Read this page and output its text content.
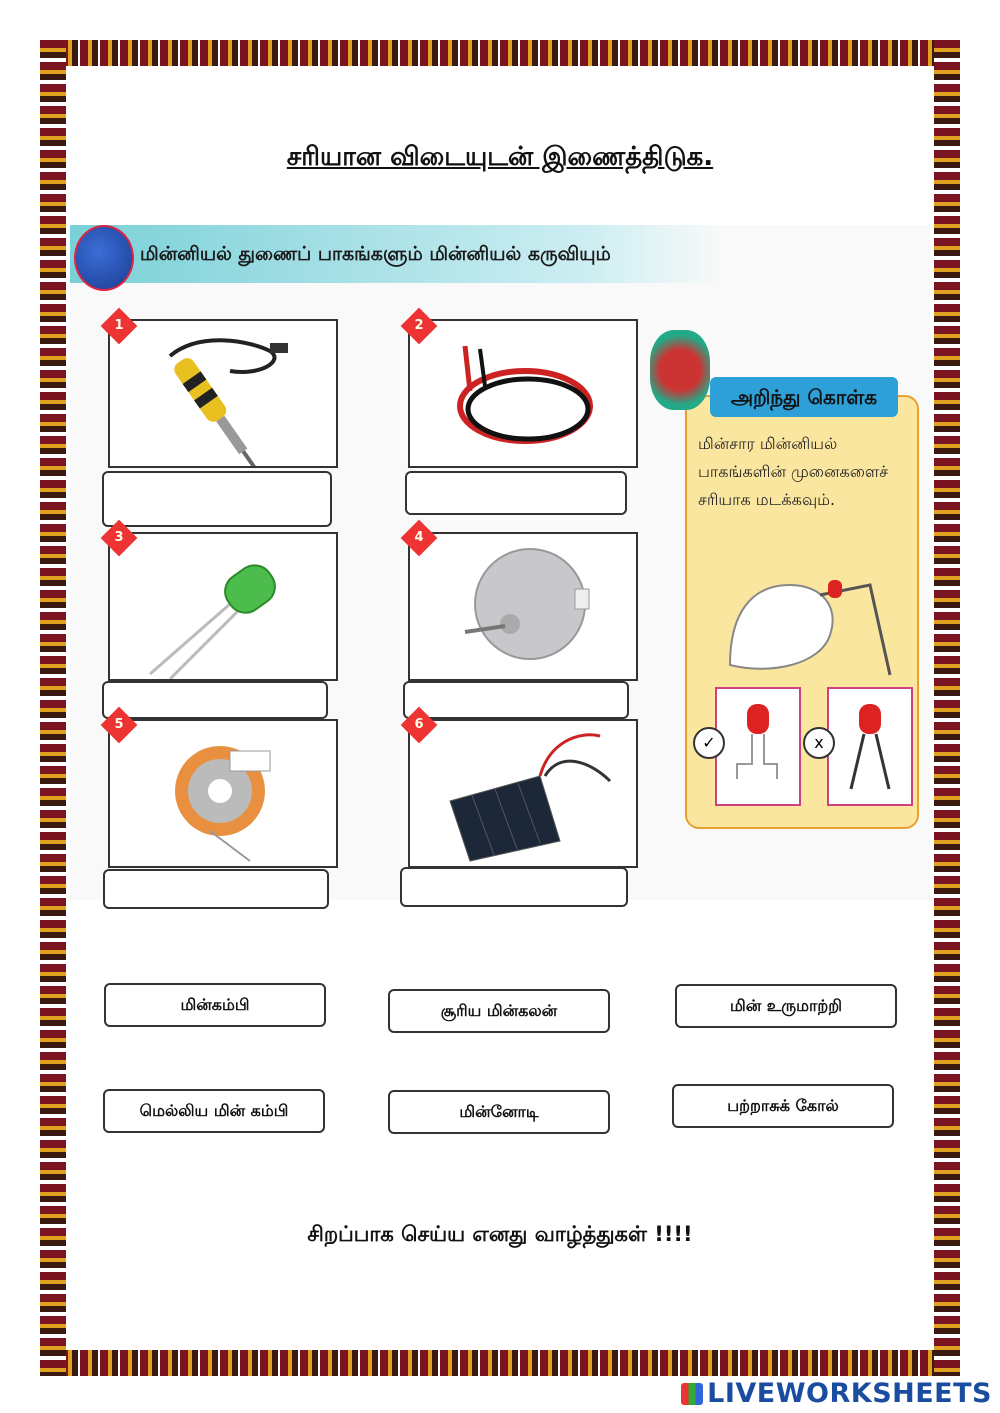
சரியான விடையுடன் இணைத்திடுக.
மின்னியல் துணைப் பாகங்களும் மின்னியல் கருவியும்
1	2
3	4
5	6
அறிந்து கொள்க
மின்சார மின்னியல் பாகங்களின் முனைகளைச் சரியாக மடக்கவும்.
✓	x
மின்கம்பி	சூரிய மின்கலன்	மின் உருமாற்றி
மெல்லிய மின் கம்பி	மின்னோடி	பற்றாசுக் கோல்
சிறப்பாக செய்ய எனது வாழ்த்துகள் !!!!
LIVEWORKSHEETS
